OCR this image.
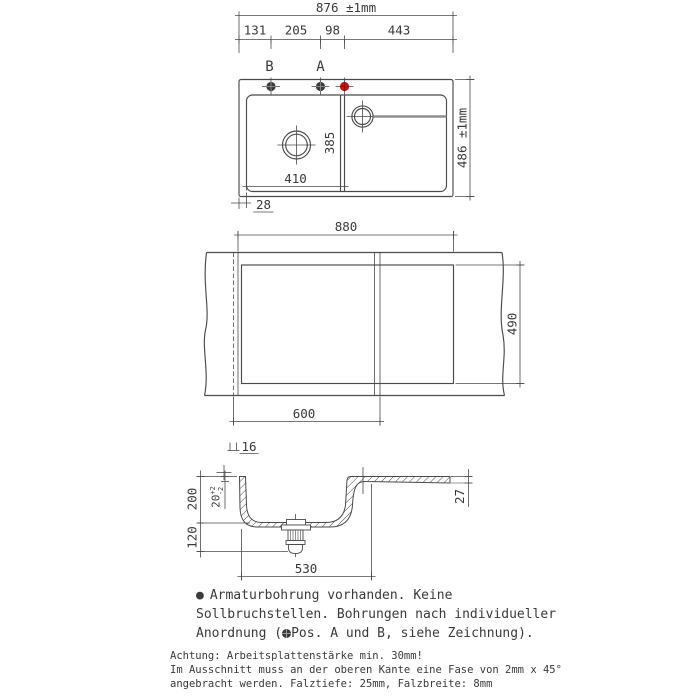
876 ±1mm
131 205 98	443
B	A
410
385	486 ±1mm
28
880
490
600
16
200
120
$20^{+2}-2$
530
27
● Armaturbohrung vorhanden. Keine
Sollbruchstellen. Bohrungen nach individueller
Anordnung ( Pos. A und B, siehe Zeichnung).
Achtung: Arbeitsplattenstärke min. 30mm!
Im Ausschnitt muss an der oberen Kante eine Fase von 2mm x 45°
angebracht werden. Falztiefe: 25mm, Falzbreite: 8mm
